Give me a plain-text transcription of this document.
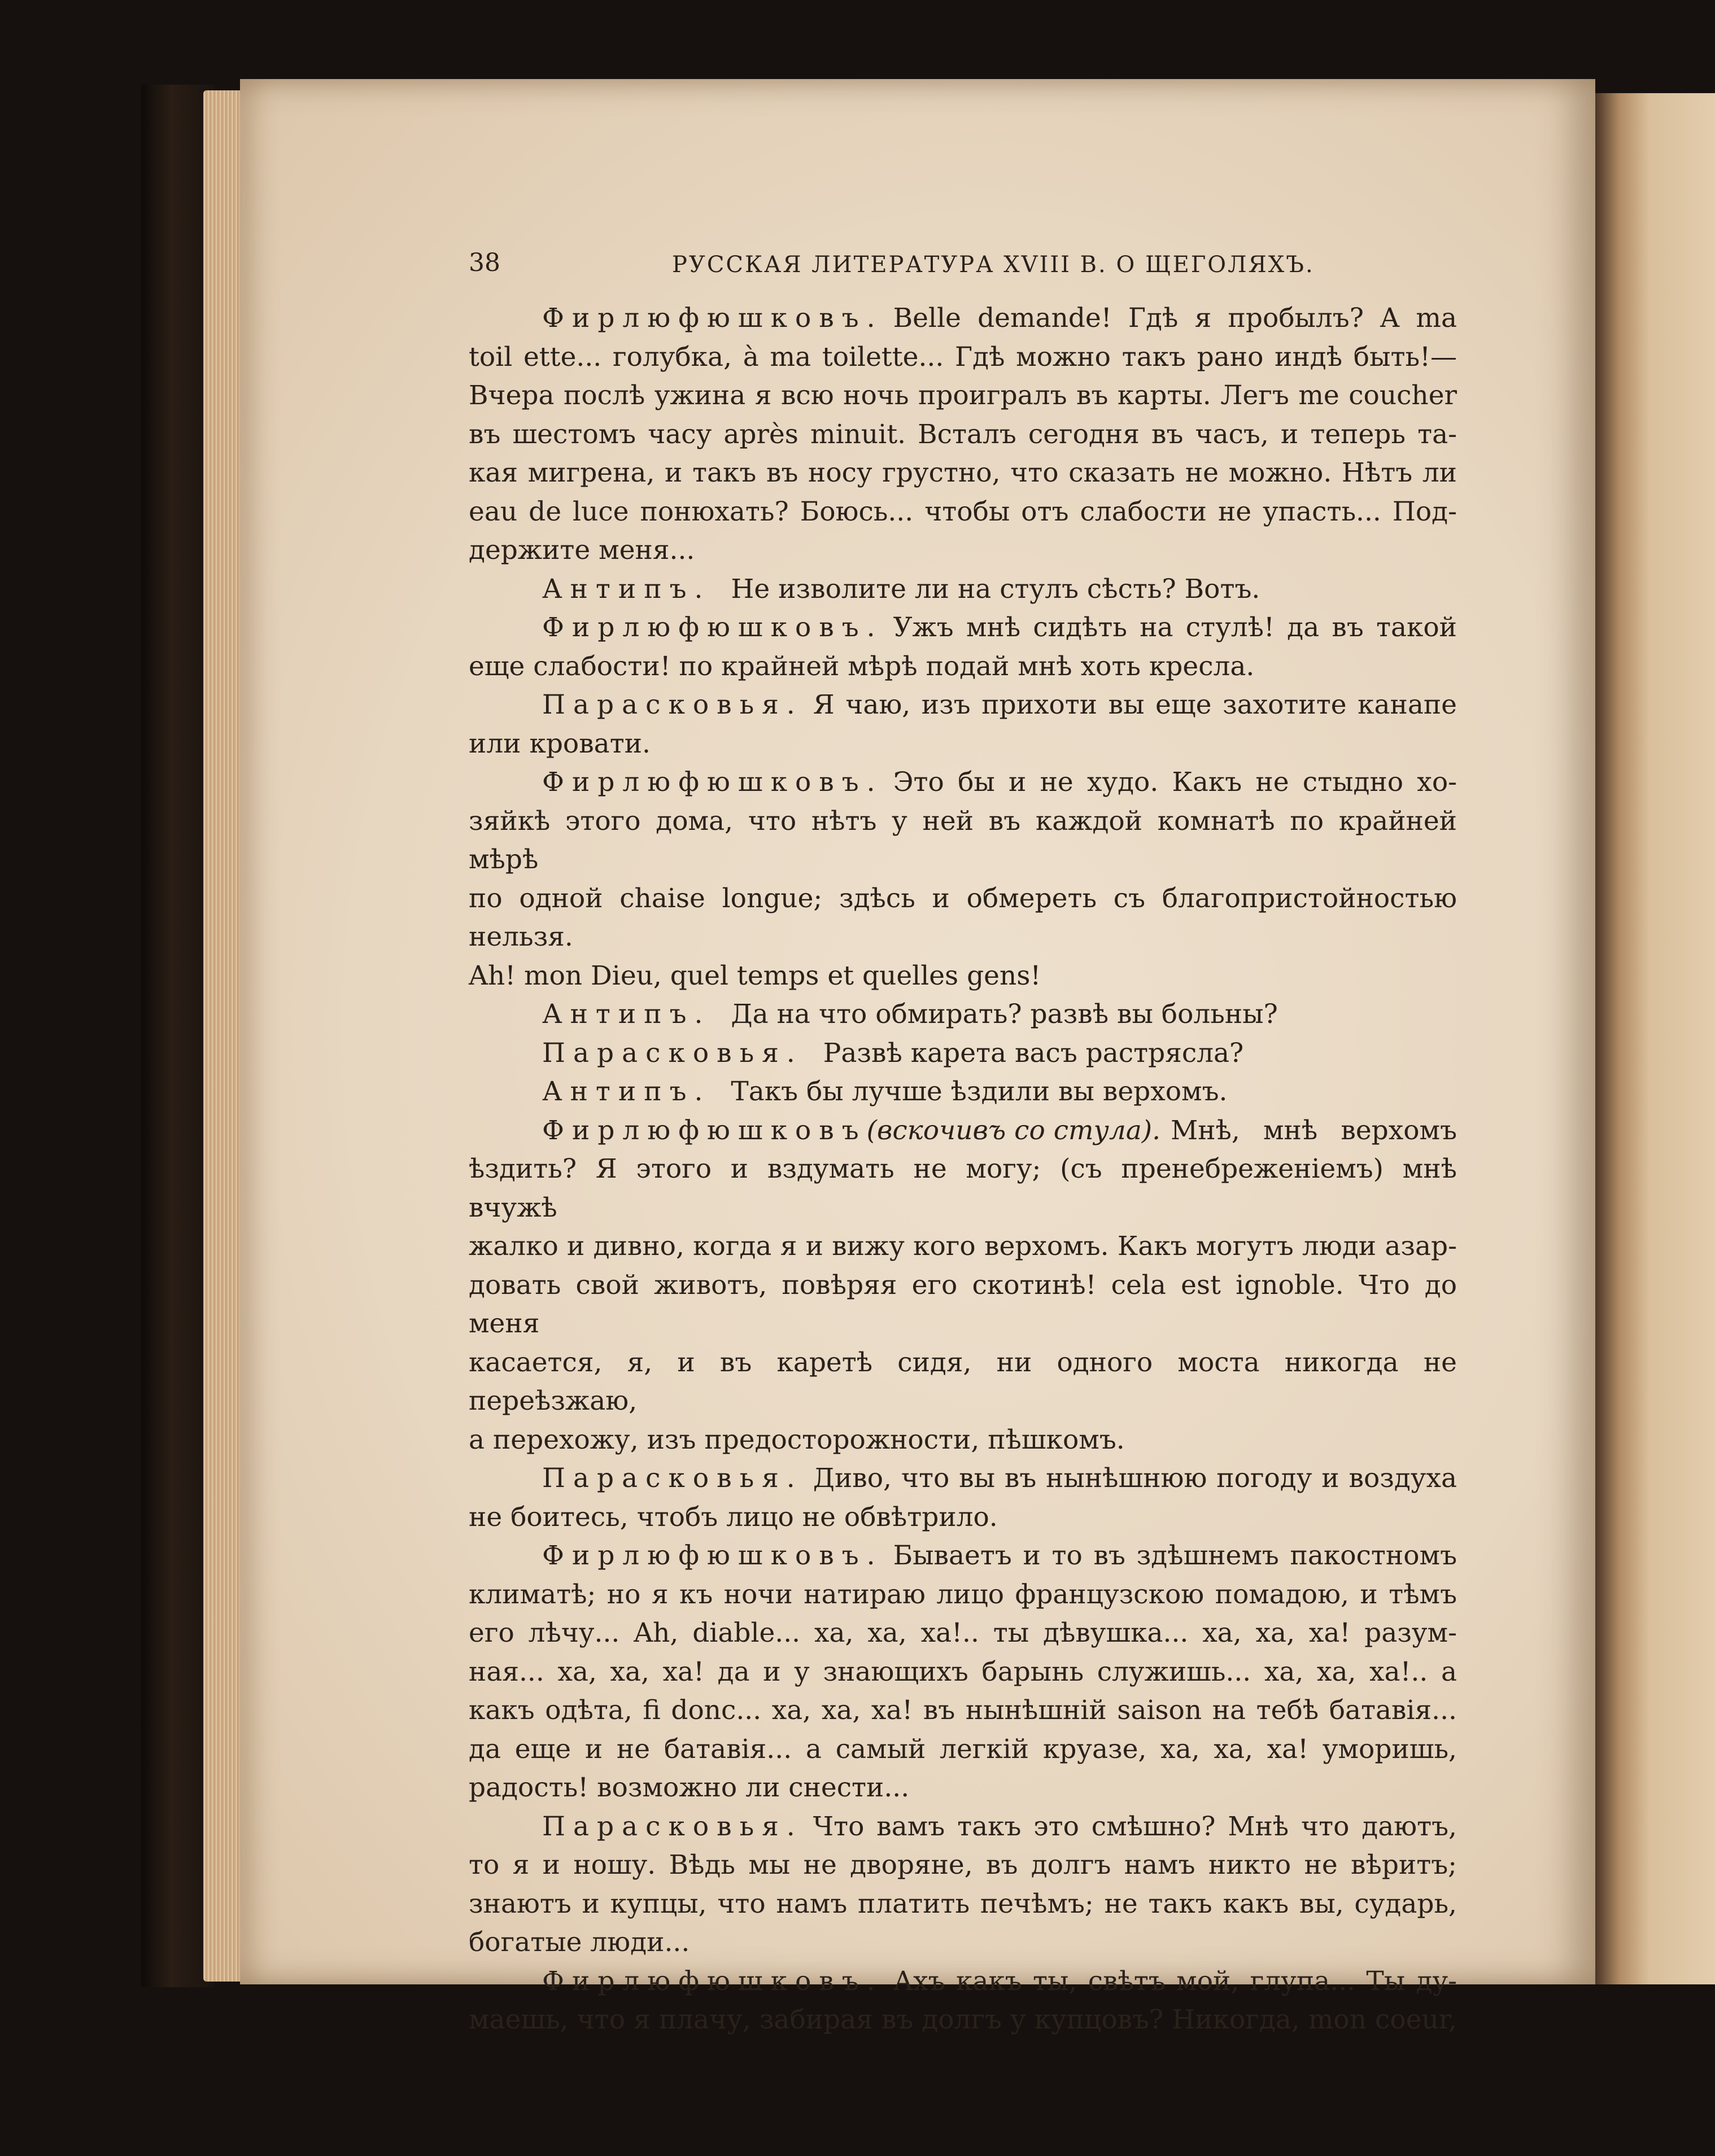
38	РУССКАЯ ЛИТЕРАТУРА XVIII В. О ЩЕГОЛЯХЪ.
Фирлюфюшковъ. Belle demande! Гдѣ я пробылъ? A ma
toil ette... голубка, à ma toilette... Гдѣ можно такъ рано индѣ быть!—
Вчера послѣ ужина я всю ночь проигралъ въ карты. Легъ me coucher
въ шестомъ часу après minuit. Всталъ сегодня въ часъ, и теперь та-
кая мигрена, и такъ въ носу грустно, что сказать не можно. Нѣтъ ли
eau de luce понюхать? Боюсь... чтобы отъ слабости не упасть... Под-
держите меня...
Антипъ. Не изволите ли на стулъ сѣсть? Вотъ.
Фирлюфюшковъ. Ужъ мнѣ сидѣть на стулѣ! да въ такой
еще слабости! по крайней мѣрѣ подай мнѣ хоть кресла.
Парасковья. Я чаю, изъ прихоти вы еще захотите канапе
или кровати.
Фирлюфюшковъ. Это бы и не худо. Какъ не стыдно хо-
зяйкѣ этого дома, что нѣтъ у ней въ каждой комнатѣ по крайней мѣрѣ
по одной chaise longue; здѣсь и обмереть съ благопристойностью нельзя.
Ah! mon Dieu, quel temps et quelles gens!
Антипъ. Да на что обмирать? развѣ вы больны?
Парасковья. Развѣ карета васъ растрясла?
Антипъ. Такъ бы лучше ѣздили вы верхомъ.
Фирлюфюшковъ (вскочивъ со стула). Мнѣ, мнѣ верхомъ
ѣздить? Я этого и вздумать не могу; (съ пренебреженіемъ) мнѣ вчужѣ
жалко и дивно, когда я и вижу кого верхомъ. Какъ могутъ люди азар-
довать свой животъ, повѣряя его скотинѣ! cela est ignoble. Что до меня
касается, я, и въ каретѣ сидя, ни одного моста никогда не переѣзжаю,
а перехожу, изъ предосторожности, пѣшкомъ.
Парасковья. Диво, что вы въ нынѣшнюю погоду и воздуха
не боитесь, чтобъ лицо не обвѣтрило.
Фирлюфюшковъ. Бываетъ и то въ здѣшнемъ пакостномъ
климатѣ; но я къ ночи натираю лицо французскою помадою, и тѣмъ
его лѣчу... Ah, diable... ха, ха, ха!.. ты дѣвушка... ха, ха, ха! разум-
ная... ха, ха, ха! да и у знающихъ барынь служишь... ха, ха, ха!.. а
какъ одѣта, fi donc... ха, ха, ха! въ нынѣшній saison на тебѣ батавія...
да еще и не батавія... а самый легкій круазе, ха, ха, ха! уморишь,
радость! возможно ли снести...
Парасковья. Что вамъ такъ это смѣшно? Мнѣ что даютъ,
то я и ношу. Вѣдь мы не дворяне, въ долгъ намъ никто не вѣритъ;
знаютъ и купцы, что намъ платить печѣмъ; не такъ какъ вы, сударь,
богатые люди...
Фирлюфюшковъ. Ахъ какъ ты, свѣтъ мой, глупа... Ты ду-
маешь, что я плачу, забирая въ долгъ у купцовъ? Никогда, mon coeur,
